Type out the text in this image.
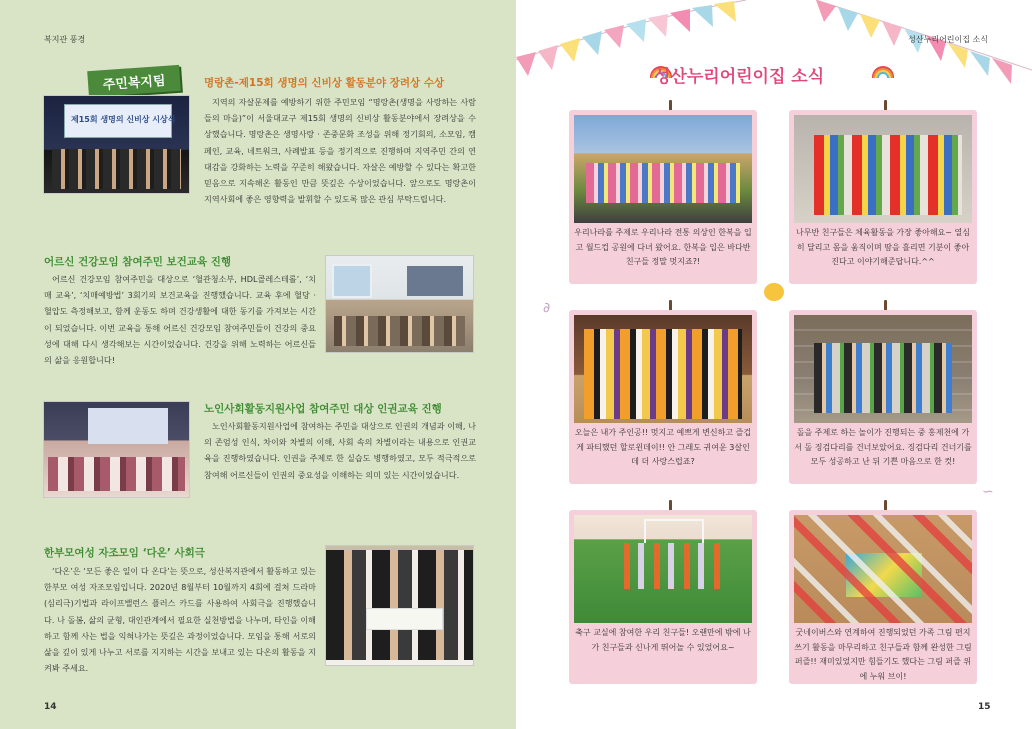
복지관 풍경
주민복지팀
제15회 생명의 신비상 시상식
명랑촌-제15회 생명의 신비상 활동분야 장려상 수상
지역의 자살문제를 예방하기 위한 주민모임 “명랑촌(생명을 사랑하는 사람들의 마을)”이 서울대교구 제15회 생명의 신비상 활동분야에서 장려상을 수상했습니다. 명랑촌은 생명사랑 · 존중문화 조성을 위해 정기회의, 소모임, 캠페인, 교육, 네트워크, 사례발표 등을 정기적으로 진행하며 지역주민 간의 연대감을 강화하는 노력을 꾸준히 해왔습니다. 자살은 예방할 수 있다는 확고한 믿음으로 지속해온 활동인 만큼 뜻깊은 수상이었습니다. 앞으로도 명랑촌이 지역사회에 좋은 영향력을 발휘할 수 있도록 많은 관심 부탁드립니다.
어르신 건강모임 참여주민 보건교육 진행
어르신 건강모임 참여주민을 대상으로 ‘혈관청소부, HDL콜레스테롤’, ‘치매 교육’, ‘치매예방법’ 3회기의 보건교육을 진행했습니다. 교육 후에 혈당 · 혈압도 측정해보고, 함께 운동도 하며 건강생활에 대한 동기를 가져보는 시간이 되었습니다. 이번 교육을 통해 어르신 건강모임 참여주민들이 건강의 중요성에 대해 다시 생각해보는 시간이었습니다. 건강을 위해 노력하는 어르신들의 삶을 응원합니다!
노인사회활동지원사업 참여주민 대상 인권교육 진행
노인사회활동지원사업에 참여하는 주민을 대상으로 인권의 개념과 이해, 나의 존엄성 인식, 차이와 차별의 이해, 사회 속의 차별이라는 내용으로 인권교육을 진행하였습니다. 인권을 주제로 한 실습도 병행하였고, 모두 적극적으로 참여해 어르신들이 인권의 중요성을 이해하는 의미 있는 시간이었습니다.
한부모여성 자조모임 ‘다온’ 사회극
‘다온’은 ‘모든 좋은 일이 다 온다’는 뜻으로, 성산복지관에서 활동하고 있는 한부모 여성 자조모임입니다. 2020년 8월부터 10월까지 4회에 걸쳐 드라마(심리극)기법과 라이프밸런스 플러스 카드를 사용하여 사회극을 진행했습니다. 나 돌봄, 삶의 균형, 대인관계에서 필요한 실천방법을 나누며, 타인을 이해하고 함께 사는 법을 익혀나가는 뜻깊은 과정이었습니다. 모임을 통해 서로의 삶을 깊이 있게 나누고 서로를 지지하는 시간을 보내고 있는 다온의 활동을 지켜봐 주세요.
14
성산누리어린이집 소식
성산누리어린이집 소식
우리나라를 주제로 우리나라 전통 의상인 한복을 입고 월드컵 공원에 다녀 왔어요. 한복을 입은 바다반 친구들 정말 멋지죠?!
나무반 친구들은 체육활동을 가장 좋아해요~ 열심히 달리고 몸을 움직이며 땀을 흘리면 기분이 좋아진다고 이야기해준답니다.^^
∂
∽
오늘은 내가 주인공!! 멋지고 예쁘게 변신하고 즐겁게 파티했던 할로윈데이!! 안 그래도 귀여운 3살인데 더 사랑스럽죠?
돌을 주제로 하는 놀이가 진행되는 중 홍제천에 가서 돌 징검다리를 건너보았어요. 징검다리 건너기를 모두 성공하고 난 뒤 기쁜 마음으로 한 컷!
축구 교실에 참여한 우리 친구들! 오랜만에 밖에 나가 친구들과 신나게 뛰어놀 수 있었어요~
굿네이버스와 연계하여 진행되었던 가족 그림 편지쓰기 활동을 마무리하고 친구들과 함께 완성한 그림 퍼즐!! 재미있었지만 힘들기도 했다는 그림 퍼즐 위에 누워 브이!
15
